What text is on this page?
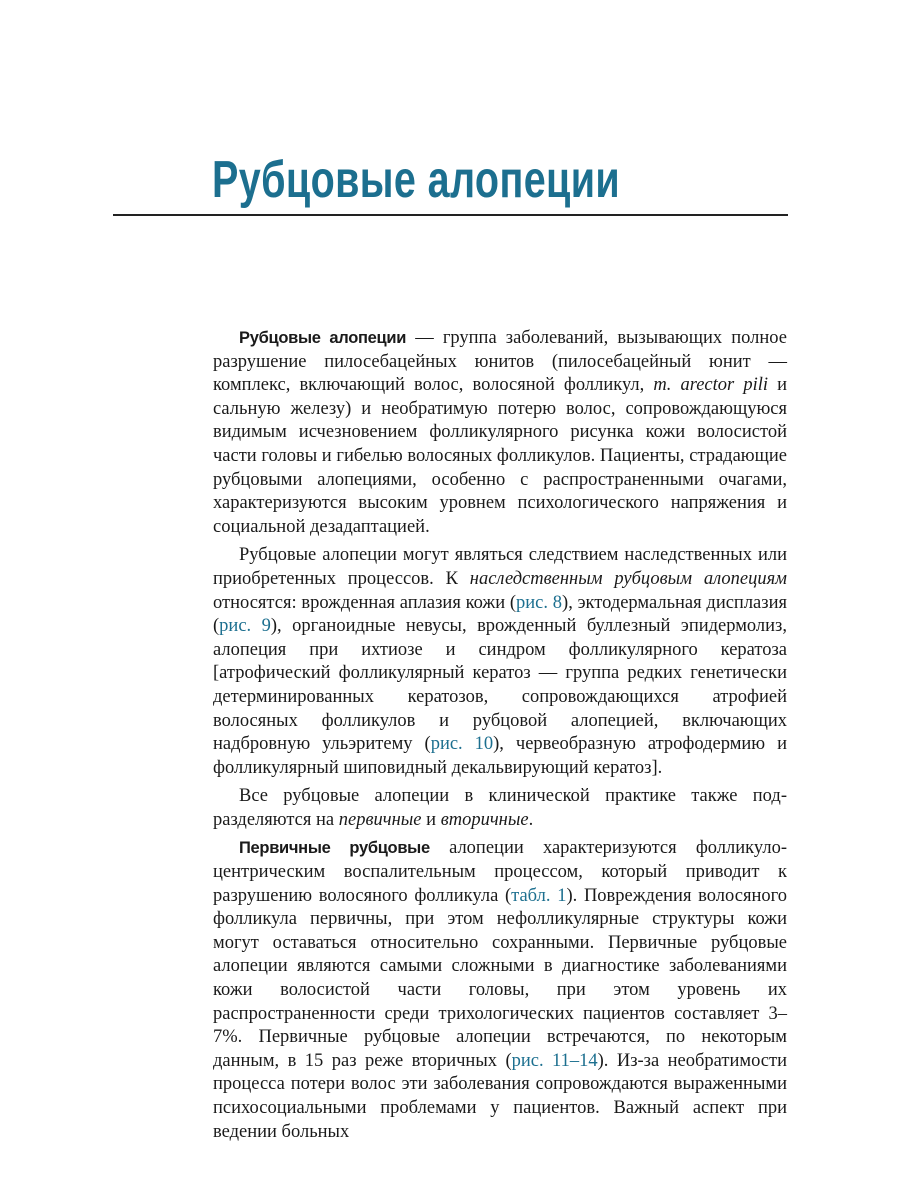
Рубцовые алопеции

Рубцовые алопеции — группа заболеваний, вызывающих полное разрушение пилосебацейных юнитов (пилосебацейный юнит — комплекс, включающий волос, волосяной фолликул, m. arector pili и сальную железу) и необратимую потерю волос, сопровождающуюся видимым исчезновением фолликулярного рисунка кожи волосистой части головы и гибелью волосяных фолликулов. Пациенты, страдающие рубцовыми алопециями, особенно с распространенными очагами, характеризуются высоким уровнем психологического напряжения и социальной дезадаптацией.

Рубцовые алопеции могут являться следствием наследственных или приобретенных процессов. К наследственным рубцовым алопециям относятся: врожденная аплазия кожи (рис. 8), эктодермальная дисплазия (рис. 9), органоидные невусы, врожденный буллезный эпидермолиз, алопеция при ихтиозе и синдром фолликулярного кератоза [атрофический фолликулярный кератоз — группа редких генетически детерминированных кератозов, сопровождающихся атрофией волосяных фолликулов и рубцовой алопецией, включающих надбровную ульэритему (рис. 10), червеобразную атрофодермию и фолликулярный шиповидный декальвирующий кератоз].

Все рубцовые алопеции в клинической практике также подразделяются на первичные и вторичные.

Первичные рубцовые алопеции характеризуются фолликулоцентрическим воспалительным процессом, который приводит к разрушению волосяного фолликула (табл. 1). Повреждения волосяного фолликула первичны, при этом нефолликулярные структуры кожи могут оставаться относительно сохранными. Первичные рубцовые алопеции являются самыми сложными в диагностике заболеваниями кожи волосистой части головы, при этом уровень их распространенности среди трихологических пациентов составляет 3–7%. Первичные рубцовые алопеции встречаются, по некоторым данным, в 15 раз реже вторичных (рис. 11–14). Из-за необратимости процесса потери волос эти заболевания сопровождаются выраженными психосоциальными проблемами у пациентов. Важный аспект при ведении больных
